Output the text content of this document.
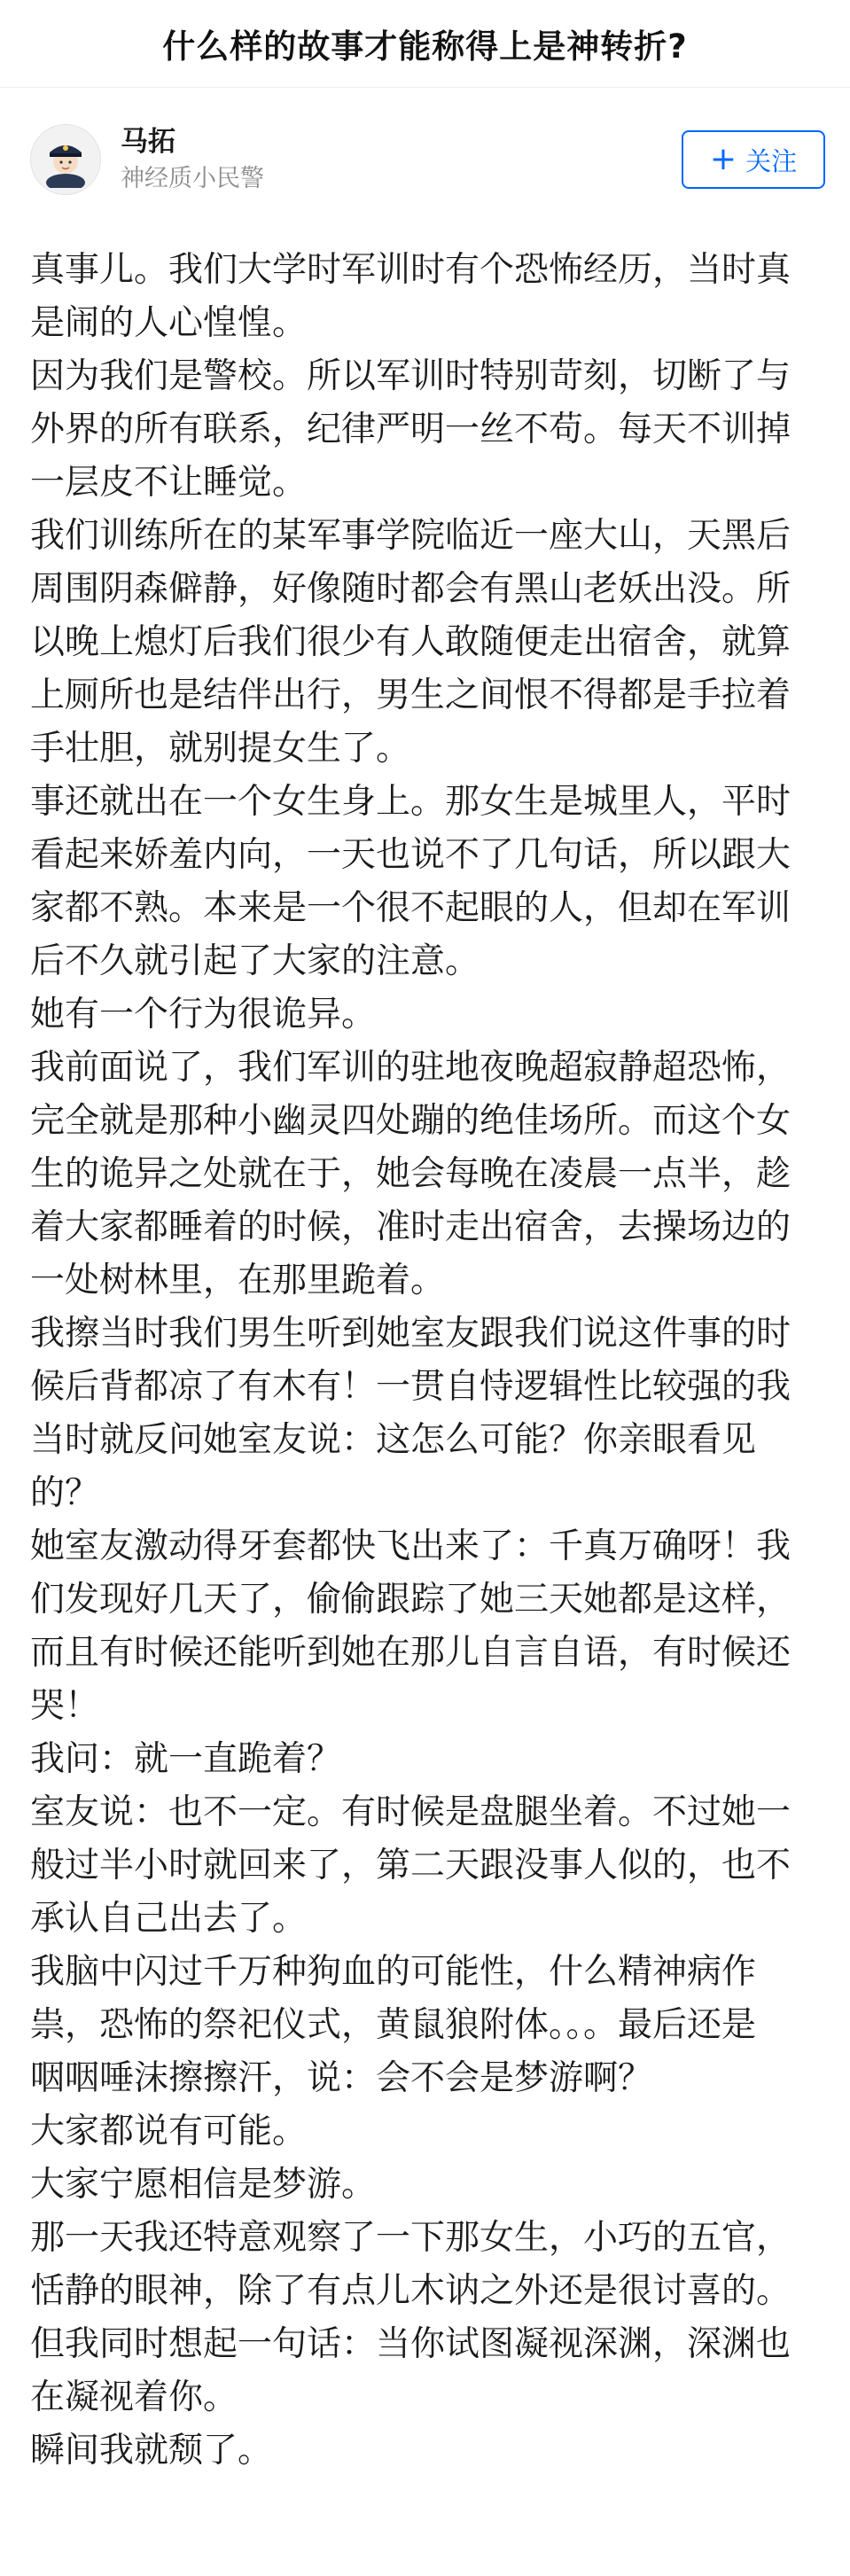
什么样的故事才能称得上是神转折?
马拓
神经质小民警
+ 关注
真事儿。我们大学时军训时有个恐怖经历，当时真
是闹的人心惶惶。
因为我们是警校。所以军训时特别苛刻，切断了与
外界的所有联系，纪律严明一丝不苟。每天不训掉
一层皮不让睡觉。
我们训练所在的某军事学院临近一座大山，天黑后
周围阴森僻静，好像随时都会有黑山老妖出没。所
以晚上熄灯后我们很少有人敢随便走出宿舍，就算
上厕所也是结伴出行，男生之间恨不得都是手拉着
手壮胆，就别提女生了。
事还就出在一个女生身上。那女生是城里人，平时
看起来娇羞内向，一天也说不了几句话，所以跟大
家都不熟。本来是一个很不起眼的人，但却在军训
后不久就引起了大家的注意。
她有一个行为很诡异。
我前面说了，我们军训的驻地夜晚超寂静超恐怖，
完全就是那种小幽灵四处蹦的绝佳场所。而这个女
生的诡异之处就在于，她会每晚在凌晨一点半，趁
着大家都睡着的时候，准时走出宿舍，去操场边的
一处树林里，在那里跪着。
我擦当时我们男生听到她室友跟我们说这件事的时
候后背都凉了有木有！一贯自恃逻辑性比较强的我
当时就反问她室友说：这怎么可能？你亲眼看见
的？
她室友激动得牙套都快飞出来了：千真万确呀！我
们发现好几天了，偷偷跟踪了她三天她都是这样，
而且有时候还能听到她在那儿自言自语，有时候还
哭！
我问：就一直跪着？
室友说：也不一定。有时候是盘腿坐着。不过她一
般过半小时就回来了，第二天跟没事人似的，也不
承认自己出去了。
我脑中闪过千万种狗血的可能性，什么精神病作
祟，恐怖的祭祀仪式，黄鼠狼附体。。。最后还是
咽咽唾沫擦擦汗，说：会不会是梦游啊？
大家都说有可能。
大家宁愿相信是梦游。
那一天我还特意观察了一下那女生，小巧的五官，
恬静的眼神，除了有点儿木讷之外还是很讨喜的。
但我同时想起一句话：当你试图凝视深渊，深渊也
在凝视着你。
瞬间我就颓了。
